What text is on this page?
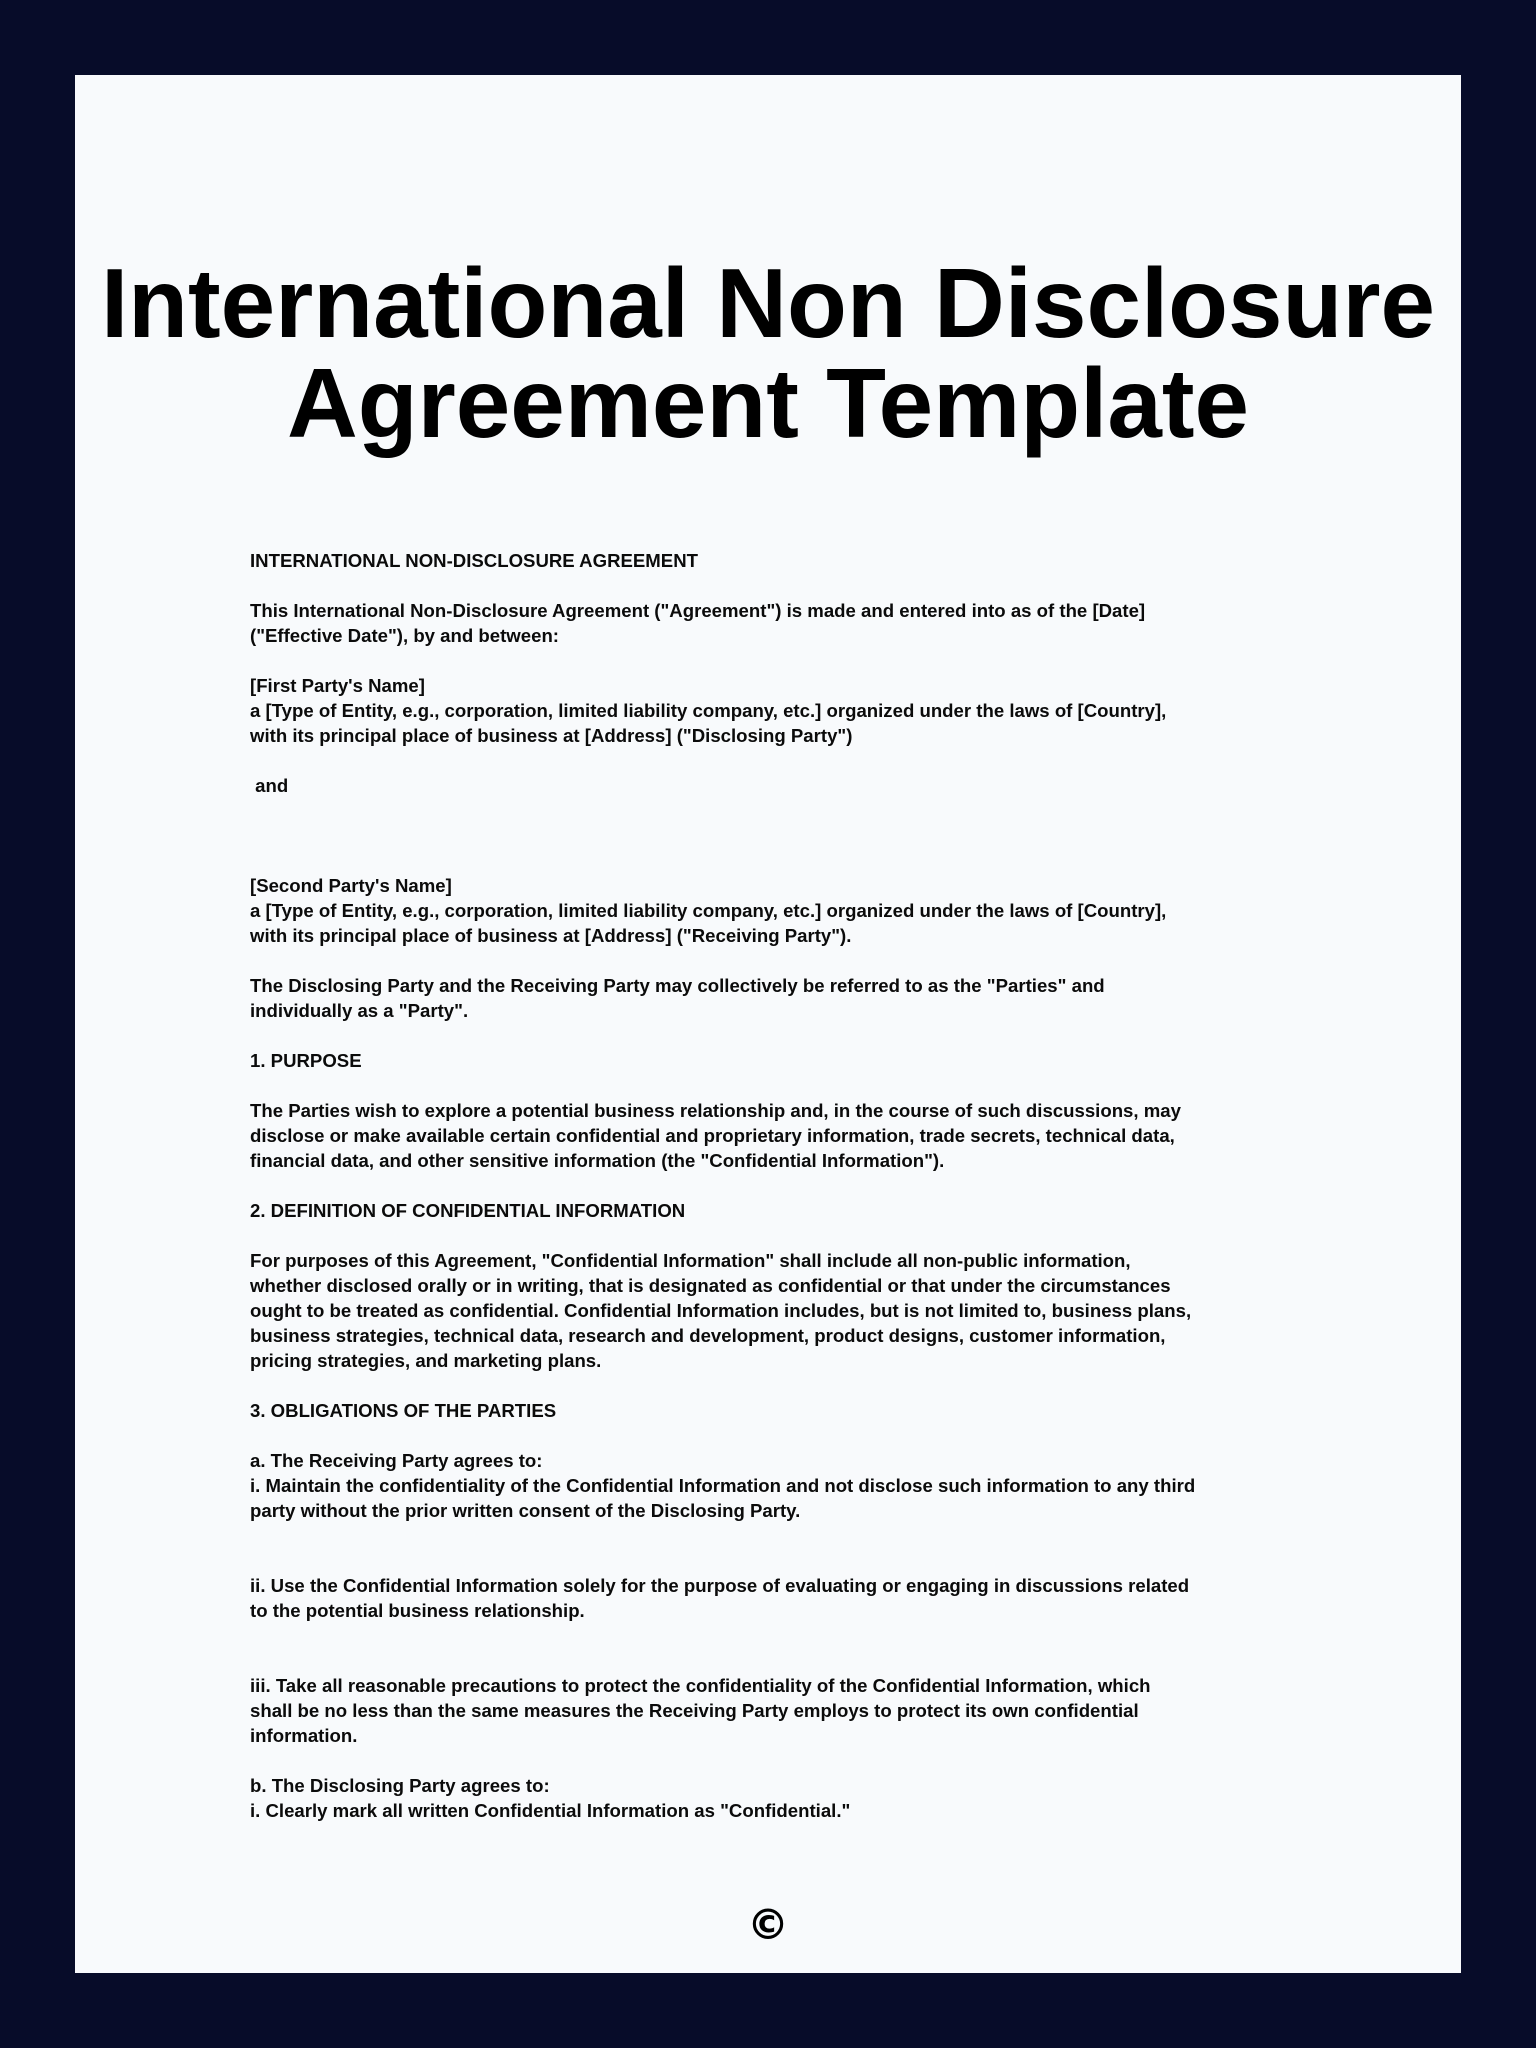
International Non Disclosure
Agreement Template

INTERNATIONAL NON-DISCLOSURE AGREEMENT

This International Non-Disclosure Agreement ("Agreement") is made and entered into as of the [Date]

("Effective Date"), by and between:

[First Party's Name]

a [Type of Entity, e.g., corporation, limited liability company, etc.] organized under the laws of [Country],

with its principal place of business at [Address] ("Disclosing Party")

and

[Second Party's Name]

a [Type of Entity, e.g., corporation, limited liability company, etc.] organized under the laws of [Country],

with its principal place of business at [Address] ("Receiving Party").

The Disclosing Party and the Receiving Party may collectively be referred to as the "Parties" and

individually as a "Party".

1. PURPOSE

The Parties wish to explore a potential business relationship and, in the course of such discussions, may

disclose or make available certain confidential and proprietary information, trade secrets, technical data,

financial data, and other sensitive information (the "Confidential Information").

2. DEFINITION OF CONFIDENTIAL INFORMATION

For purposes of this Agreement, "Confidential Information" shall include all non-public information,

whether disclosed orally or in writing, that is designated as confidential or that under the circumstances

ought to be treated as confidential. Confidential Information includes, but is not limited to, business plans,

business strategies, technical data, research and development, product designs, customer information,

pricing strategies, and marketing plans.

3. OBLIGATIONS OF THE PARTIES

a. The Receiving Party agrees to:

i. Maintain the confidentiality of the Confidential Information and not disclose such information to any third

party without the prior written consent of the Disclosing Party.

ii. Use the Confidential Information solely for the purpose of evaluating or engaging in discussions related

to the potential business relationship.

iii. Take all reasonable precautions to protect the confidentiality of the Confidential Information, which

shall be no less than the same measures the Receiving Party employs to protect its own confidential

information.

b. The Disclosing Party agrees to:

i. Clearly mark all written Confidential Information as "Confidential."

©
